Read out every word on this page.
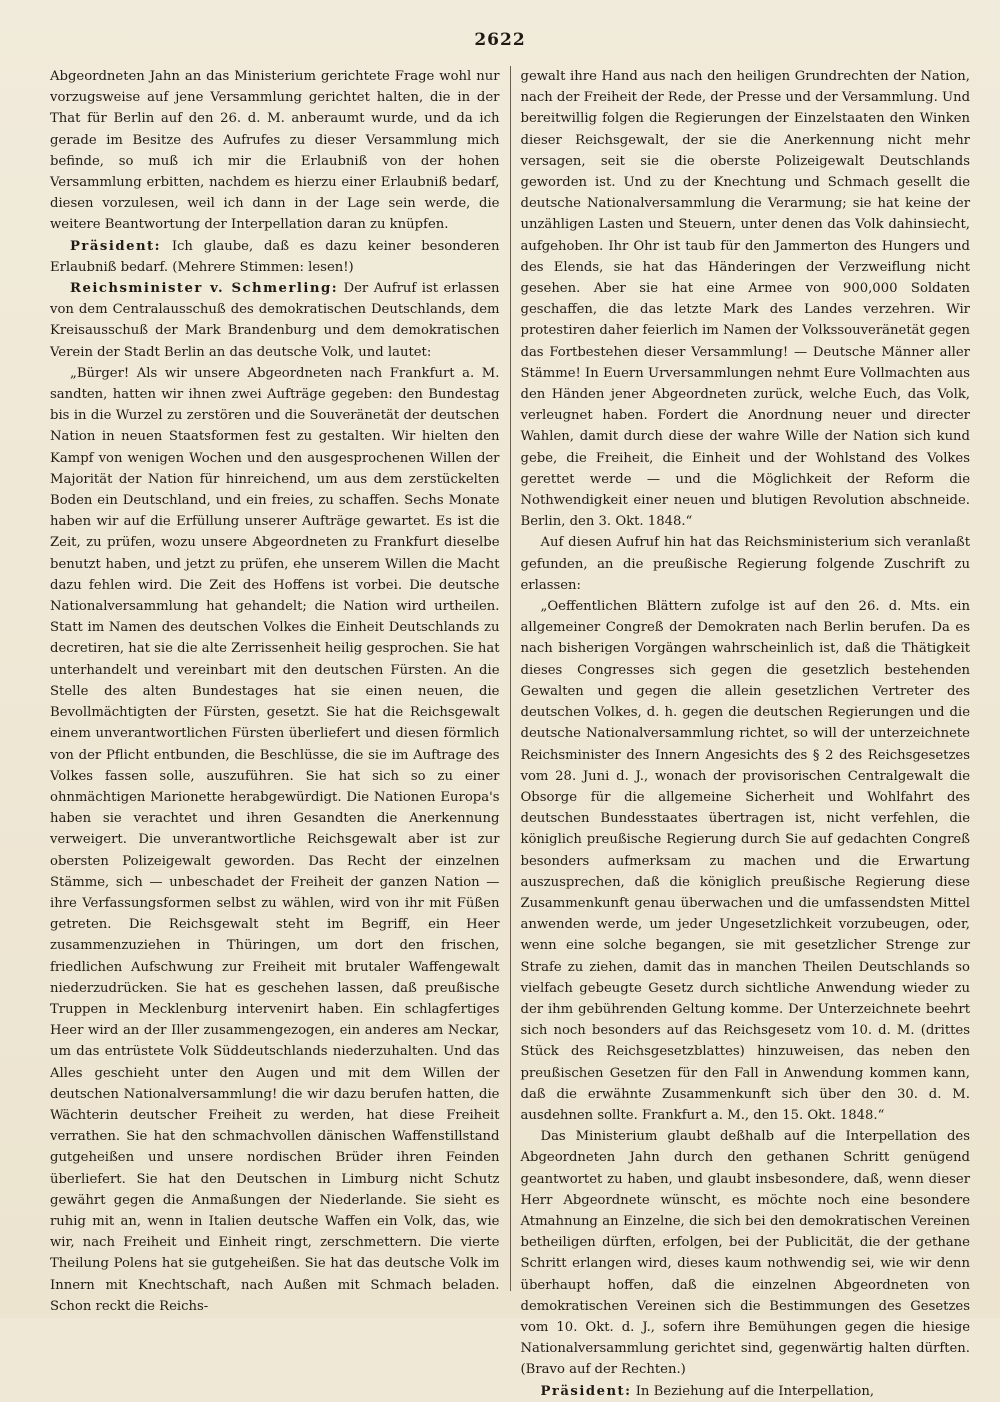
2622

Abgeordneten Jahn an das Ministerium gerichtete Frage wohl nur vorzugsweise auf jene Versammlung gerichtet halten, die in der That für Berlin auf den 26. d. M. anberaumt wurde, und da ich gerade im Besitze des Aufrufes zu dieser Versammlung mich befinde, so muß ich mir die Erlaubniß von der hohen Versammlung erbitten, nachdem es hierzu einer Erlaubniß bedarf, diesen vorzulesen, weil ich dann in der Lage sein werde, die weitere Beantwortung der Interpellation daran zu knüpfen.

Präsident: Ich glaube, daß es dazu keiner besonderen Erlaubniß bedarf. (Mehrere Stimmen: lesen!)

Reichsminister v. Schmerling: Der Aufruf ist erlassen von dem Centralausschuß des demokratischen Deutschlands, dem Kreisausschuß der Mark Brandenburg und dem demokratischen Verein der Stadt Berlin an das deutsche Volk, und lautet:

„Bürger! Als wir unsere Abgeordneten nach Frankfurt a. M. sandten, hatten wir ihnen zwei Aufträge gegeben: den Bundestag bis in die Wurzel zu zerstören und die Souveränetät der deutschen Nation in neuen Staatsformen fest zu gestalten. Wir hielten den Kampf von wenigen Wochen und den ausgesprochenen Willen der Majorität der Nation für hinreichend, um aus dem zerstückelten Boden ein Deutschland, und ein freies, zu schaffen. Sechs Monate haben wir auf die Erfüllung unserer Aufträge gewartet. Es ist die Zeit, zu prüfen, wozu unsere Abgeordneten zu Frankfurt dieselbe benutzt haben, und jetzt zu prüfen, ehe unserem Willen die Macht dazu fehlen wird. Die Zeit des Hoffens ist vorbei. Die deutsche Nationalversammlung hat gehandelt; die Nation wird urtheilen. Statt im Namen des deutschen Volkes die Einheit Deutschlands zu decretiren, hat sie die alte Zerrissenheit heilig gesprochen. Sie hat unterhandelt und vereinbart mit den deutschen Fürsten. An die Stelle des alten Bundestages hat sie einen neuen, die Bevollmächtigten der Fürsten, gesetzt. Sie hat die Reichsgewalt einem unverantwortlichen Fürsten überliefert und diesen förmlich von der Pflicht entbunden, die Beschlüsse, die sie im Auftrage des Volkes fassen solle, auszuführen. Sie hat sich so zu einer ohnmächtigen Marionette herabgewürdigt. Die Nationen Europa's haben sie verachtet und ihren Gesandten die Anerkennung verweigert. Die unverantwortliche Reichsgewalt aber ist zur obersten Polizeigewalt geworden. Das Recht der einzelnen Stämme, sich — unbeschadet der Freiheit der ganzen Nation — ihre Verfassungsformen selbst zu wählen, wird von ihr mit Füßen getreten. Die Reichsgewalt steht im Begriff, ein Heer zusammenzuziehen in Thüringen, um dort den frischen, friedlichen Aufschwung zur Freiheit mit brutaler Waffengewalt niederzudrücken. Sie hat es geschehen lassen, daß preußische Truppen in Mecklenburg intervenirt haben. Ein schlagfertiges Heer wird an der Iller zusammengezogen, ein anderes am Neckar, um das entrüstete Volk Süddeutschlands niederzuhalten. Und das Alles geschieht unter den Augen und mit dem Willen der deutschen Nationalversammlung! die wir dazu berufen hatten, die Wächterin deutscher Freiheit zu werden, hat diese Freiheit verrathen. Sie hat den schmachvollen dänischen Waffenstillstand gutgeheißen und unsere nordischen Brüder ihren Feinden überliefert. Sie hat den Deutschen in Limburg nicht Schutz gewährt gegen die Anmaßungen der Niederlande. Sie sieht es ruhig mit an, wenn in Italien deutsche Waffen ein Volk, das, wie wir, nach Freiheit und Einheit ringt, zerschmettern. Die vierte Theilung Polens hat sie gutgeheißen. Sie hat das deutsche Volk im Innern mit Knechtschaft, nach Außen mit Schmach beladen. Schon reckt die Reichs-

gewalt ihre Hand aus nach den heiligen Grundrechten der Nation, nach der Freiheit der Rede, der Presse und der Versammlung. Und bereitwillig folgen die Regierungen der Einzelstaaten den Winken dieser Reichsgewalt, der sie die Anerkennung nicht mehr versagen, seit sie die oberste Polizeigewalt Deutschlands geworden ist. Und zu der Knechtung und Schmach gesellt die deutsche Nationalversammlung die Verarmung; sie hat keine der unzähligen Lasten und Steuern, unter denen das Volk dahinsiecht, aufgehoben. Ihr Ohr ist taub für den Jammerton des Hungers und des Elends, sie hat das Händeringen der Verzweiflung nicht gesehen. Aber sie hat eine Armee von 900,000 Soldaten geschaffen, die das letzte Mark des Landes verzehren. Wir protestiren daher feierlich im Namen der Volkssouveränetät gegen das Fortbestehen dieser Versammlung! — Deutsche Männer aller Stämme! In Euern Urversammlungen nehmt Eure Vollmachten aus den Händen jener Abgeordneten zurück, welche Euch, das Volk, verleugnet haben. Fordert die Anordnung neuer und directer Wahlen, damit durch diese der wahre Wille der Nation sich kund gebe, die Freiheit, die Einheit und der Wohlstand des Volkes gerettet werde — und die Möglichkeit der Reform die Nothwendigkeit einer neuen und blutigen Revolution abschneide. Berlin, den 3. Okt. 1848.“

Auf diesen Aufruf hin hat das Reichsministerium sich veranlaßt gefunden, an die preußische Regierung folgende Zuschrift zu erlassen:

„Oeffentlichen Blättern zufolge ist auf den 26. d. Mts. ein allgemeiner Congreß der Demokraten nach Berlin berufen. Da es nach bisherigen Vorgängen wahrscheinlich ist, daß die Thätigkeit dieses Congresses sich gegen die gesetzlich bestehenden Gewalten und gegen die allein gesetzlichen Vertreter des deutschen Volkes, d. h. gegen die deutschen Regierungen und die deutsche Nationalversammlung richtet, so will der unterzeichnete Reichsminister des Innern Angesichts des § 2 des Reichsgesetzes vom 28. Juni d. J., wonach der provisorischen Centralgewalt die Obsorge für die allgemeine Sicherheit und Wohlfahrt des deutschen Bundesstaates übertragen ist, nicht verfehlen, die königlich preußische Regierung durch Sie auf gedachten Congreß besonders aufmerksam zu machen und die Erwartung auszusprechen, daß die königlich preußische Regierung diese Zusammenkunft genau überwachen und die umfassendsten Mittel anwenden werde, um jeder Ungesetzlichkeit vorzubeugen, oder, wenn eine solche begangen, sie mit gesetzlicher Strenge zur Strafe zu ziehen, damit das in manchen Theilen Deutschlands so vielfach gebeugte Gesetz durch sichtliche Anwendung wieder zu der ihm gebührenden Geltung komme. Der Unterzeichnete beehrt sich noch besonders auf das Reichsgesetz vom 10. d. M. (drittes Stück des Reichsgesetzblattes) hinzuweisen, das neben den preußischen Gesetzen für den Fall in Anwendung kommen kann, daß die erwähnte Zusammenkunft sich über den 30. d. M. ausdehnen sollte. Frankfurt a. M., den 15. Okt. 1848.“

Das Ministerium glaubt deßhalb auf die Interpellation des Abgeordneten Jahn durch den gethanen Schritt genügend geantwortet zu haben, und glaubt insbesondere, daß, wenn dieser Herr Abgeordnete wünscht, es möchte noch eine besondere Atmahnung an Einzelne, die sich bei den demokratischen Vereinen betheiligen dürften, erfolgen, bei der Publicität, die der gethane Schritt erlangen wird, dieses kaum nothwendig sei, wie wir denn überhaupt hoffen, daß die einzelnen Abgeordneten von demokratischen Vereinen sich die Bestimmungen des Gesetzes vom 10. Okt. d. J., sofern ihre Bemühungen gegen die hiesige Nationalversammlung gerichtet sind, gegenwärtig halten dürften. (Bravo auf der Rechten.)

Präsident: In Beziehung auf die Interpellation,
